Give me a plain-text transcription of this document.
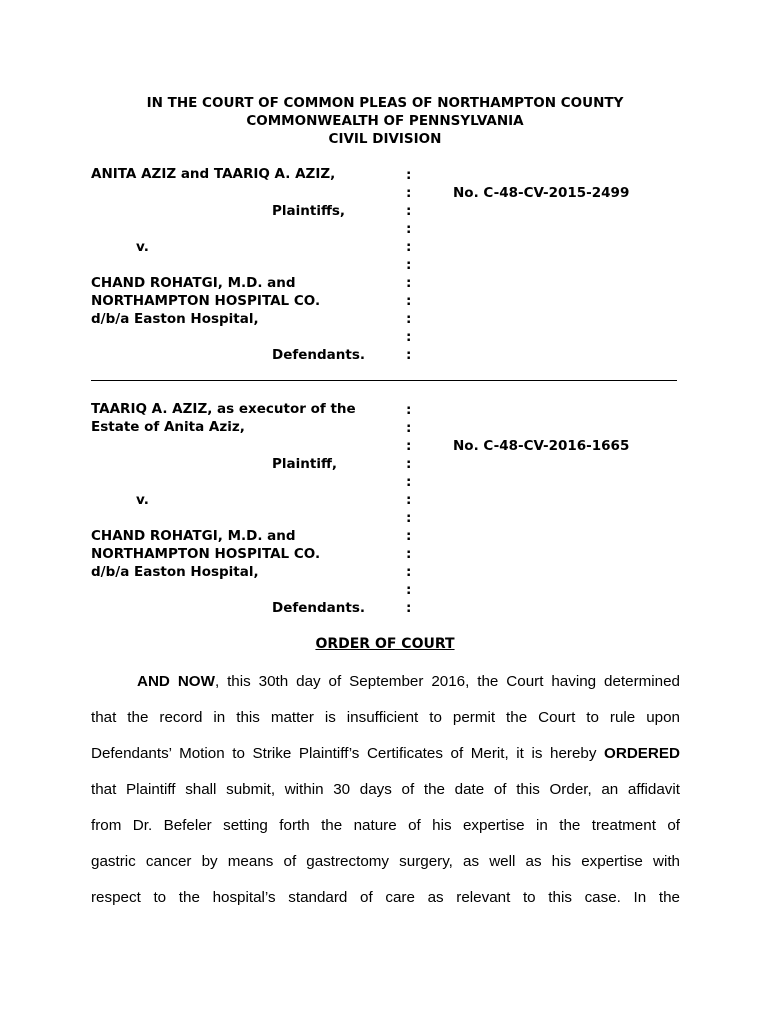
IN THE COURT OF COMMON PLEAS OF NORTHAMPTON COUNTY
COMMONWEALTH OF PENNSYLVANIA
CIVIL DIVISION
ANITA AZIZ and TAARIQ A. AZIZ,
Plaintiffs,
v.
CHAND ROHATGI, M.D. and
NORTHAMPTON HOSPITAL CO.
d/b/a Easton Hospital,
Defendants.
No. C-48-CV-2015-2499
:
:
:
:
:
:
:
:
:
:
:
TAARIQ A. AZIZ, as executor of the
Estate of Anita Aziz,
Plaintiff,
v.
CHAND ROHATGI, M.D. and
NORTHAMPTON HOSPITAL CO.
d/b/a Easton Hospital,
Defendants.
No. C-48-CV-2016-1665
:
:
:
:
:
:
:
:
:
:
:
:
ORDER OF COURT
AND NOW, this 30th day of September 2016, the Court having determined
that the record in this matter is insufficient to permit the Court to rule upon
Defendants’ Motion to Strike Plaintiff’s Certificates of Merit, it is hereby ORDERED
that Plaintiff shall submit, within 30 days of the date of this Order, an affidavit
from Dr. Befeler setting forth the nature of his expertise in the treatment of
gastric cancer by means of gastrectomy surgery, as well as his expertise with
respect to the hospital’s standard of care as relevant to this case. In the
